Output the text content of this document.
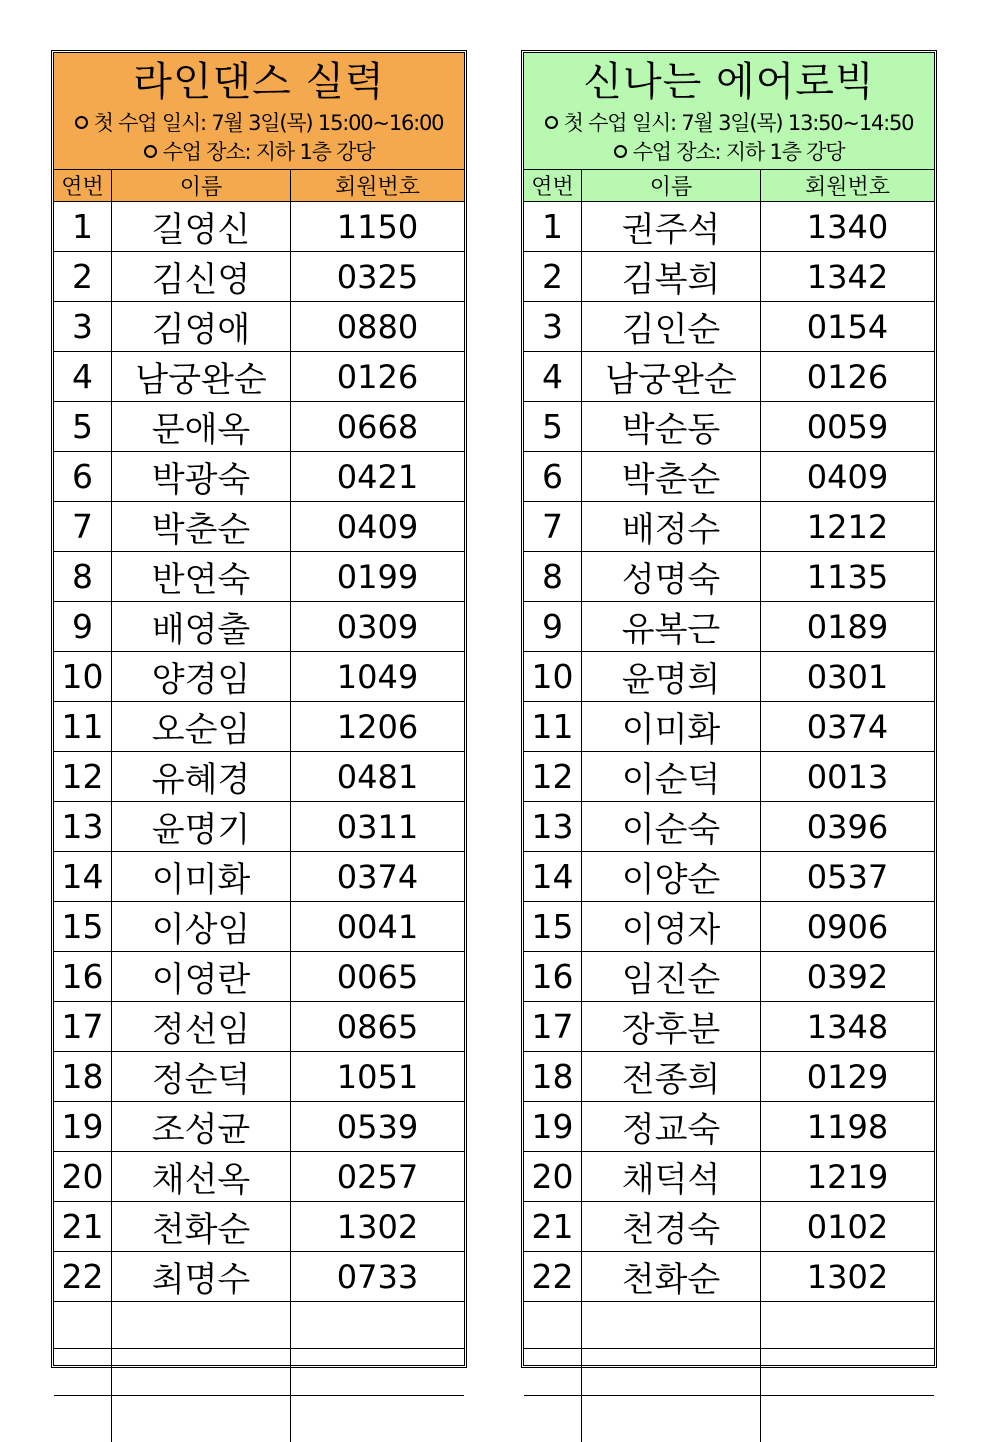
라인댄스 실력
첫 수업 일시: 7월 3일(목) 15:00~16:00
수업 장소: 지하 1층 강당
연번	이름	회원번호
1	길영신	1150
2	김신영	0325
3	김영애	0880
4	남궁완순	0126
5	문애옥	0668
6	박광숙	0421
7	박춘순	0409
8	반연숙	0199
9	배영출	0309
10	양경임	1049
11	오순임	1206
12	유혜경	0481
13	윤명기	0311
14	이미화	0374
15	이상임	0041
16	이영란	0065
17	정선임	0865
18	정순덕	1051
19	조성균	0539
20	채선옥	0257
21	천화순	1302
22	최명수	0733

신나는 에어로빅
첫 수업 일시: 7월 3일(목) 13:50~14:50
수업 장소: 지하 1층 강당
연번	이름	회원번호
1	권주석	1340
2	김복희	1342
3	김인순	0154
4	남궁완순	0126
5	박순동	0059
6	박춘순	0409
7	배정수	1212
8	성명숙	1135
9	유복근	0189
10	윤명희	0301
11	이미화	0374
12	이순덕	0013
13	이순숙	0396
14	이양순	0537
15	이영자	0906
16	임진순	0392
17	장후분	1348
18	전종희	0129
19	정교숙	1198
20	채덕석	1219
21	천경숙	0102
22	천화순	1302
